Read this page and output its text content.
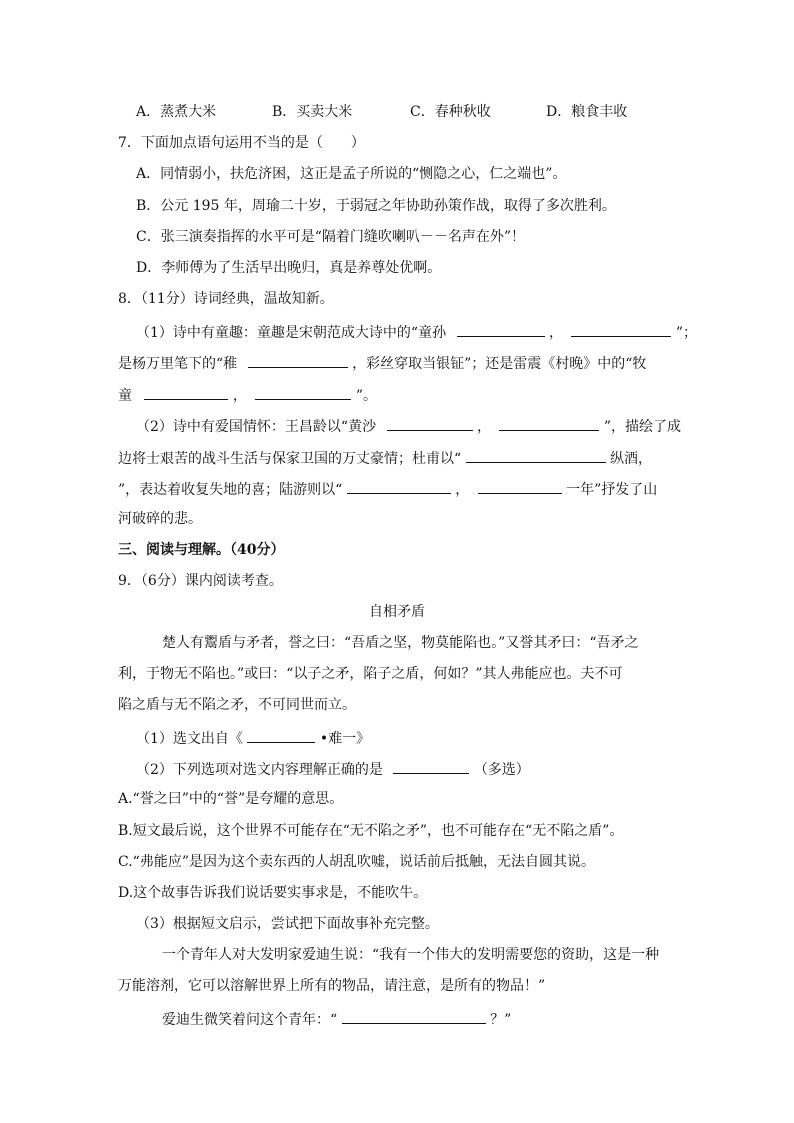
A．蒸煮大米	B．买卖大米	C．春种秋收	D．粮食丰收
7．下面加点语句运用不当的是（　　）
A．同情弱小，扶危济困，这正是孟子所说的“恻隐之心，仁之端也”。
B．公元 195 年，周瑜二十岁，于弱冠之年协助孙策作战，取得了多次胜利。
C．张三演奏指挥的水平可是“隔着门缝吹喇叭－－名声在外”！
D．李师傅为了生活早出晚归，真是养尊处优啊。
8．（11分）诗词经典，温故知新。
（1）诗中有童趣：童趣是宋朝范成大诗中的“童孙	，	”；
是杨万里笔下的“稚	，彩丝穿取当银钲”；还是雷震《村晚》中的“牧
童	，	”。
（2）诗中有爱国情怀：王昌龄以“黄沙	，	”，描绘了成
边将士艰苦的战斗生活与保家卫国的万丈豪情；杜甫以“	纵酒，
”，表达着收复失地的喜；陆游则以“	，	一年”抒发了山
河破碎的悲。
三、阅读与理解。（40分）
9．（6分）课内阅读考查。
自相矛盾
楚人有鬻盾与矛者，誉之曰：“吾盾之坚，物莫能陷也。”又誉其矛曰：“吾矛之
利，于物无不陷也。”或曰：“以子之矛，陷子之盾，何如？”其人弗能应也。夫不可
陷之盾与无不陷之矛，不可同世而立。
（1）选文出自《	•难一》
（2）下列选项对选文内容理解正确的是	（多选）
A.“誉之曰”中的“誉”是夸耀的意思。
B.短文最后说，这个世界不可能存在“无不陷之矛”，也不可能存在“无不陷之盾”。
C.“弗能应”是因为这个卖东西的人胡乱吹嘘，说话前后抵触，无法自圆其说。
D.这个故事告诉我们说话要实事求是，不能吹牛。
（3）根据短文启示，尝试把下面故事补充完整。
一个青年人对大发明家爱迪生说：“我有一个伟大的发明需要您的资助，这是一种
万能溶剂，它可以溶解世界上所有的物品，请注意，是所有的物品！”
爱迪生微笑着问这个青年：“	？”
